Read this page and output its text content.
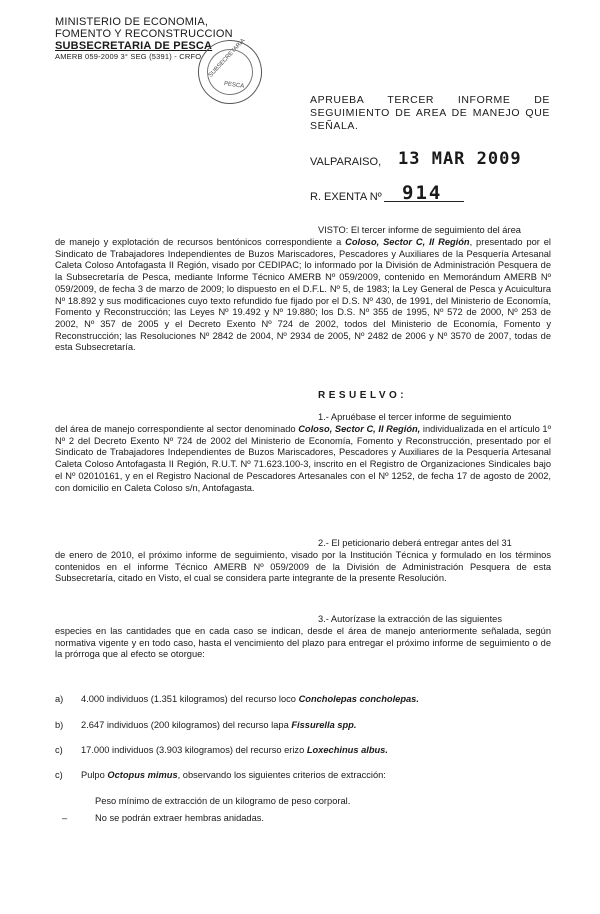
MINISTERIO DE ECONOMIA,
FOMENTO Y RECONSTRUCCION
SUBSECRETARIA DE PESCA
AMERB 059-2009 3° SEG (5391) - CRFO	SUBSECRETARIA
PESCA
APRUEBA TERCER INFORME DE SEGUIMIENTO DE AREA DE MANEJO QUE SEÑALA.
VALPARAISO, 13 MAR 2009
R. EXENTA Nº 914
VISTO: El tercer informe de seguimiento del área
de manejo y explotación de recursos bentónicos correspondiente a Coloso, Sector C, II Región, presentado por el Sindicato de Trabajadores Independientes de Buzos Mariscadores, Pescadores y Auxiliares de la Pesquería Artesanal Caleta Coloso Antofagasta II Región, visado por CEDIPAC; lo informado por la División de Administración Pesquera de la Subsecretaría de Pesca, mediante Informe Técnico AMERB Nº 059/2009, contenido en Memorándum AMERB Nº 059/2009, de fecha 3 de marzo de 2009; lo dispuesto en el D.F.L. Nº 5, de 1983; la Ley General de Pesca y Acuicultura Nº 18.892 y sus modificaciones cuyo texto refundido fue fijado por el D.S. Nº 430, de 1991, del Ministerio de Economía, Fomento y Reconstrucción; las Leyes Nº 19.492 y Nº 19.880; los D.S. Nº 355 de 1995, Nº 572 de 2000, Nº 253 de 2002, Nº 357 de 2005 y el Decreto Exento Nº 724 de 2002, todos del Ministerio de Economía, Fomento y Reconstrucción; las Resoluciones Nº 2842 de 2004, Nº 2934 de 2005, Nº 2482 de 2006 y Nº 3570 de 2007, todas de esta Subsecretaría.
RESUELVO:
1.- Apruébase el tercer informe de seguimiento
del área de manejo correspondiente al sector denominado Coloso, Sector C, II Región, individualizada en el artículo 1º Nº 2 del Decreto Exento Nº 724 de 2002 del Ministerio de Economía, Fomento y Reconstrucción, presentado por el Sindicato de Trabajadores Independientes de Buzos Mariscadores, Pescadores y Auxiliares de la Pesquería Artesanal Caleta Coloso Antofagasta II Región, R.U.T. Nº 71.623.100-3, inscrito en el Registro de Organizaciones Sindicales bajo el Nº 02010161, y en el Registro Nacional de Pescadores Artesanales con el Nº 1252, de fecha 17 de agosto de 2002, con domicilio en Caleta Coloso s/n, Antofagasta.
2.- El peticionario deberá entregar antes del 31
de enero de 2010, el próximo informe de seguimiento, visado por la Institución Técnica y formulado en los términos contenidos en el informe Técnico AMERB Nº 059/2009 de la División de Administración Pesquera de esta Subsecretaría, citado en Visto, el cual se considera parte integrante de la presente Resolución.
3.- Autorízase la extracción de las siguientes
especies en las cantidades que en cada caso se indican, desde el área de manejo anteriormente señalada, según normativa vigente y en todo caso, hasta el vencimiento del plazo para entregar el próximo informe de seguimiento o de la prórroga que al efecto se otorgue:
a) 4.000 individuos (1.351 kilogramos) del recurso loco Concholepas concholepas.
b) 2.647 individuos (200 kilogramos) del recurso lapa Fissurella spp.
c) 17.000 individuos (3.903 kilogramos) del recurso erizo Loxechinus albus.
c) Pulpo Octopus mimus, observando los siguientes criterios de extracción:
Peso mínimo de extracción de un kilogramo de peso corporal.
–	No se podrán extraer hembras anidadas.
